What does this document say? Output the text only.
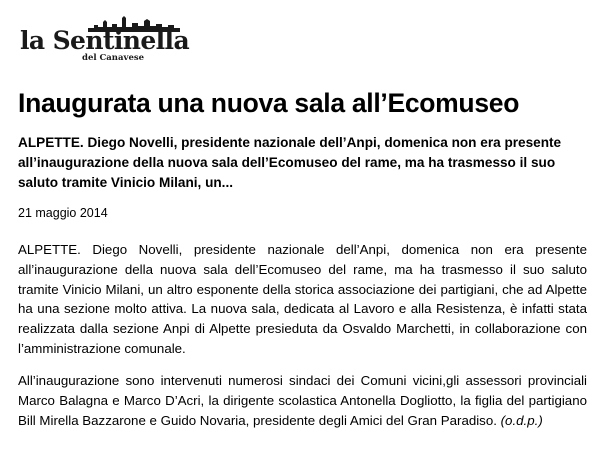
la Sentinella
del Canavese
Inaugurata una nuova sala all’Ecomuseo

ALPETTE. Diego Novelli, presidente nazionale dell’Anpi, domenica non era presente all’inaugurazione della nuova sala dell’Ecomuseo del rame, ma ha trasmesso il suo saluto tramite Vinicio Milani, un...

21 maggio 2014

ALPETTE. Diego Novelli, presidente nazionale dell’Anpi, domenica non era presente all’inaugurazione della nuova sala dell’Ecomuseo del rame, ma ha trasmesso il suo saluto tramite Vinicio Milani, un altro esponente della storica associazione dei partigiani, che ad Alpette ha una sezione molto attiva. La nuova sala, dedicata al Lavoro e alla Resistenza, è infatti stata realizzata dalla sezione Anpi di Alpette presieduta da Osvaldo Marchetti, in collaborazione con l’amministrazione comunale.

All’inaugurazione sono intervenuti numerosi sindaci dei Comuni vicini,gli assessori provinciali Marco Balagna e Marco D’Acri, la dirigente scolastica Antonella Dogliotto, la figlia del partigiano Bill Mirella Bazzarone e Guido Novaria, presidente degli Amici del Gran Paradiso. (o.d.p.)
